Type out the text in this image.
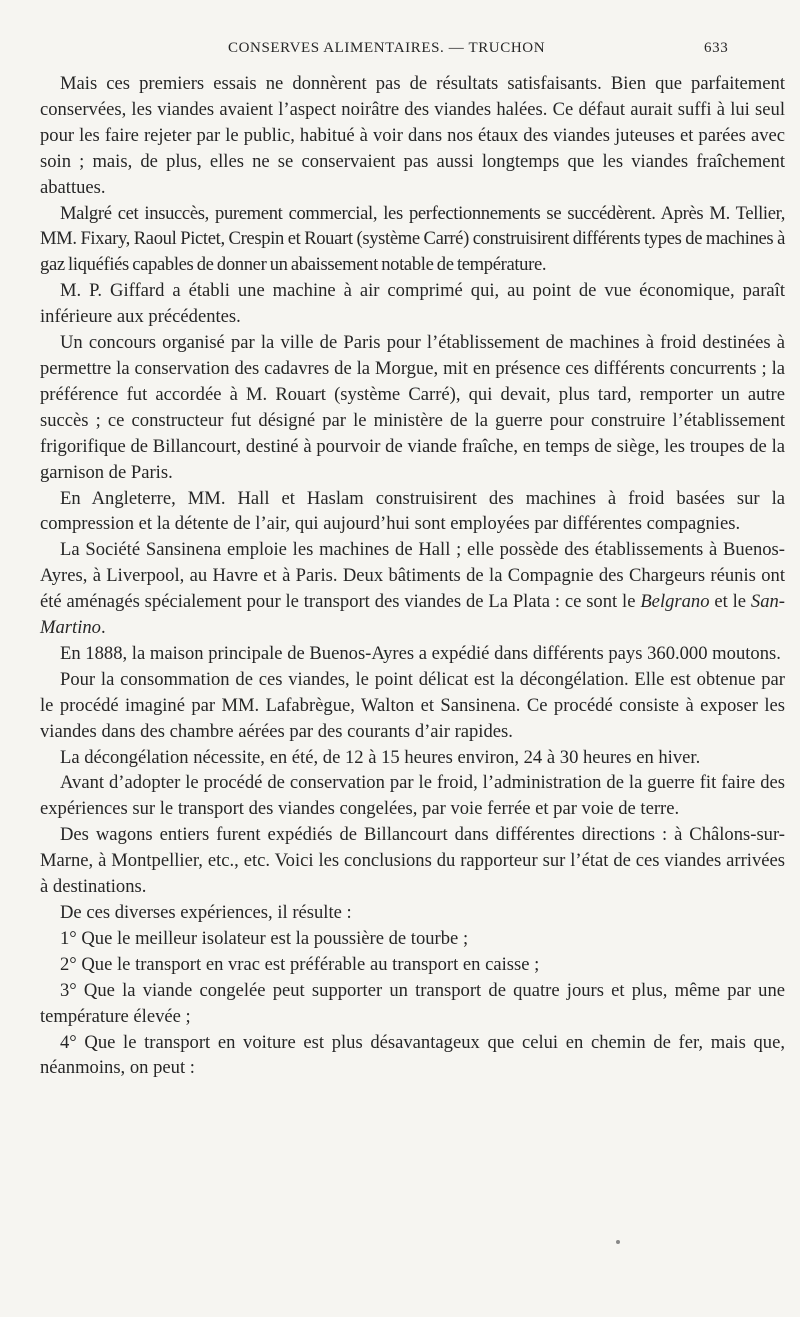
CONSERVES ALIMENTAIRES. — TRUCHON	633

Mais ces premiers essais ne donnèrent pas de résultats satisfaisants. Bien que parfaitement conservées, les viandes avaient l’aspect noirâtre des viandes halées. Ce défaut aurait suffi à lui seul pour les faire rejeter par le public, habitué à voir dans nos étaux des viandes juteuses et parées avec soin ; mais, de plus, elles ne se conservaient pas aussi longtemps que les viandes fraîchement abattues.

Malgré cet insuccès, purement commercial, les perfectionnements se succédèrent. Après M. Tellier, MM. Fixary, Raoul Pictet, Crespin et Rouart (système Carré) construisirent différents types de machines à gaz liquéfiés capables de donner un abaissement notable de température.

M. P. Giffard a établi une machine à air comprimé qui, au point de vue économique, paraît inférieure aux précédentes.

Un concours organisé par la ville de Paris pour l’établissement de machines à froid destinées à permettre la conservation des cadavres de la Morgue, mit en présence ces différents concurrents ; la préférence fut accordée à M. Rouart (système Carré), qui devait, plus tard, remporter un autre succès ; ce constructeur fut désigné par le ministère de la guerre pour construire l’établissement frigorifique de Billancourt, destiné à pourvoir de viande fraîche, en temps de siège, les troupes de la garnison de Paris.

En Angleterre, MM. Hall et Haslam construisirent des machines à froid basées sur la compression et la détente de l’air, qui aujourd’hui sont employées par différentes compagnies.

La Société Sansinena emploie les machines de Hall ; elle possède des établissements à Buenos-Ayres, à Liverpool, au Havre et à Paris. Deux bâtiments de la Compagnie des Chargeurs réunis ont été aménagés spécialement pour le transport des viandes de La Plata : ce sont le Belgrano et le San-Martino.

En 1888, la maison principale de Buenos-Ayres a expédié dans différents pays 360.000 moutons.

Pour la consommation de ces viandes, le point délicat est la décongélation. Elle est obtenue par le procédé imaginé par MM. Lafabrègue, Walton et Sansinena. Ce procédé consiste à exposer les viandes dans des chambre aérées par des courants d’air rapides.

La décongélation nécessite, en été, de 12 à 15 heures environ, 24 à 30 heures en hiver.

Avant d’adopter le procédé de conservation par le froid, l’administration de la guerre fit faire des expériences sur le transport des viandes congelées, par voie ferrée et par voie de terre.

Des wagons entiers furent expédiés de Billancourt dans différentes directions : à Châlons-sur-Marne, à Montpellier, etc., etc. Voici les conclusions du rapporteur sur l’état de ces viandes arrivées à destinations.

De ces diverses expériences, il résulte :

1° Que le meilleur isolateur est la poussière de tourbe ;

2° Que le transport en vrac est préférable au transport en caisse ;

3° Que la viande congelée peut supporter un transport de quatre jours et plus, même par une température élevée ;

4° Que le transport en voiture est plus désavantageux que celui en chemin de fer, mais que, néanmoins, on peut :
